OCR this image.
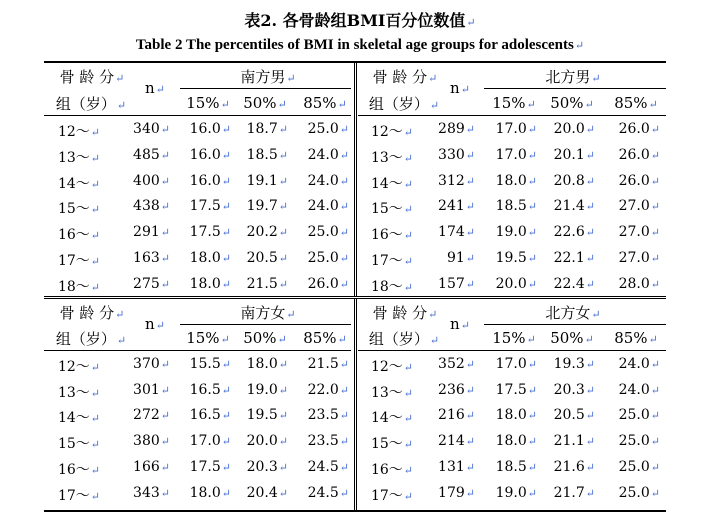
表2. 各骨龄组BMI百分位数值↵
Table 2 The percentiles of BMI in skeletal age groups for adolescents↵
骨 龄 分↵
组（岁）↵
n↵
南方男↵
15%↵ 50%↵	85%↵
12～↵	340↵	16.0↵	18.7↵	25.0↵
13～↵	485↵	16.0↵	18.5↵	24.0↵
14～↵	400↵	16.0↵	19.1↵	24.0↵
15～↵	438↵	17.5↵	19.7↵	24.0↵
16～↵	291↵	17.5↵	20.2↵	25.0↵
17～↵	163↵	18.0↵	20.5↵	25.0↵
18～↵	275↵	18.0↵	21.5↵	26.0↵
骨 龄 分↵
组（岁）↵
n↵
北方男↵
15%↵ 50%↵	85%↵
12～↵	289↵	17.0↵	20.0↵	26.0↵
13～↵	330↵	17.0↵	20.1↵	26.0↵
14～↵	312↵	18.0↵	20.8↵	26.0↵
15～↵	241↵	18.5↵	21.4↵	27.0↵
16～↵	174↵	19.0↵	22.6↵	27.0↵
17～↵	91↵	19.5↵	22.1↵	27.0↵
18～↵	157↵	20.0↵	22.4↵	28.0↵
骨 龄 分↵
组（岁）↵
n↵
南方女↵
15%↵ 50%↵	85%↵
12～↵	370↵	15.5↵	18.0↵	21.5↵
13～↵	301↵	16.5↵	19.0↵	22.0↵
14～↵	272↵	16.5↵	19.5↵	23.5↵
15～↵	380↵	17.0↵	20.0↵	23.5↵
16～↵	166↵	17.5↵	20.3↵	24.5↵
17～↵	343↵	18.0↵	20.4↵	24.5↵
骨 龄 分↵
组（岁）↵
n↵
北方女↵
15%↵ 50%↵	85%↵
12～↵	352↵	17.0↵	19.3↵	24.0↵
13～↵	236↵	17.5↵	20.3↵	24.0↵
14～↵	216↵	18.0↵	20.5↵	25.0↵
15～↵	214↵	18.0↵	21.1↵	25.0↵
16～↵	131↵	18.5↵	21.6↵	25.0↵
17～↵	179↵	19.0↵	21.7↵	25.0↵
